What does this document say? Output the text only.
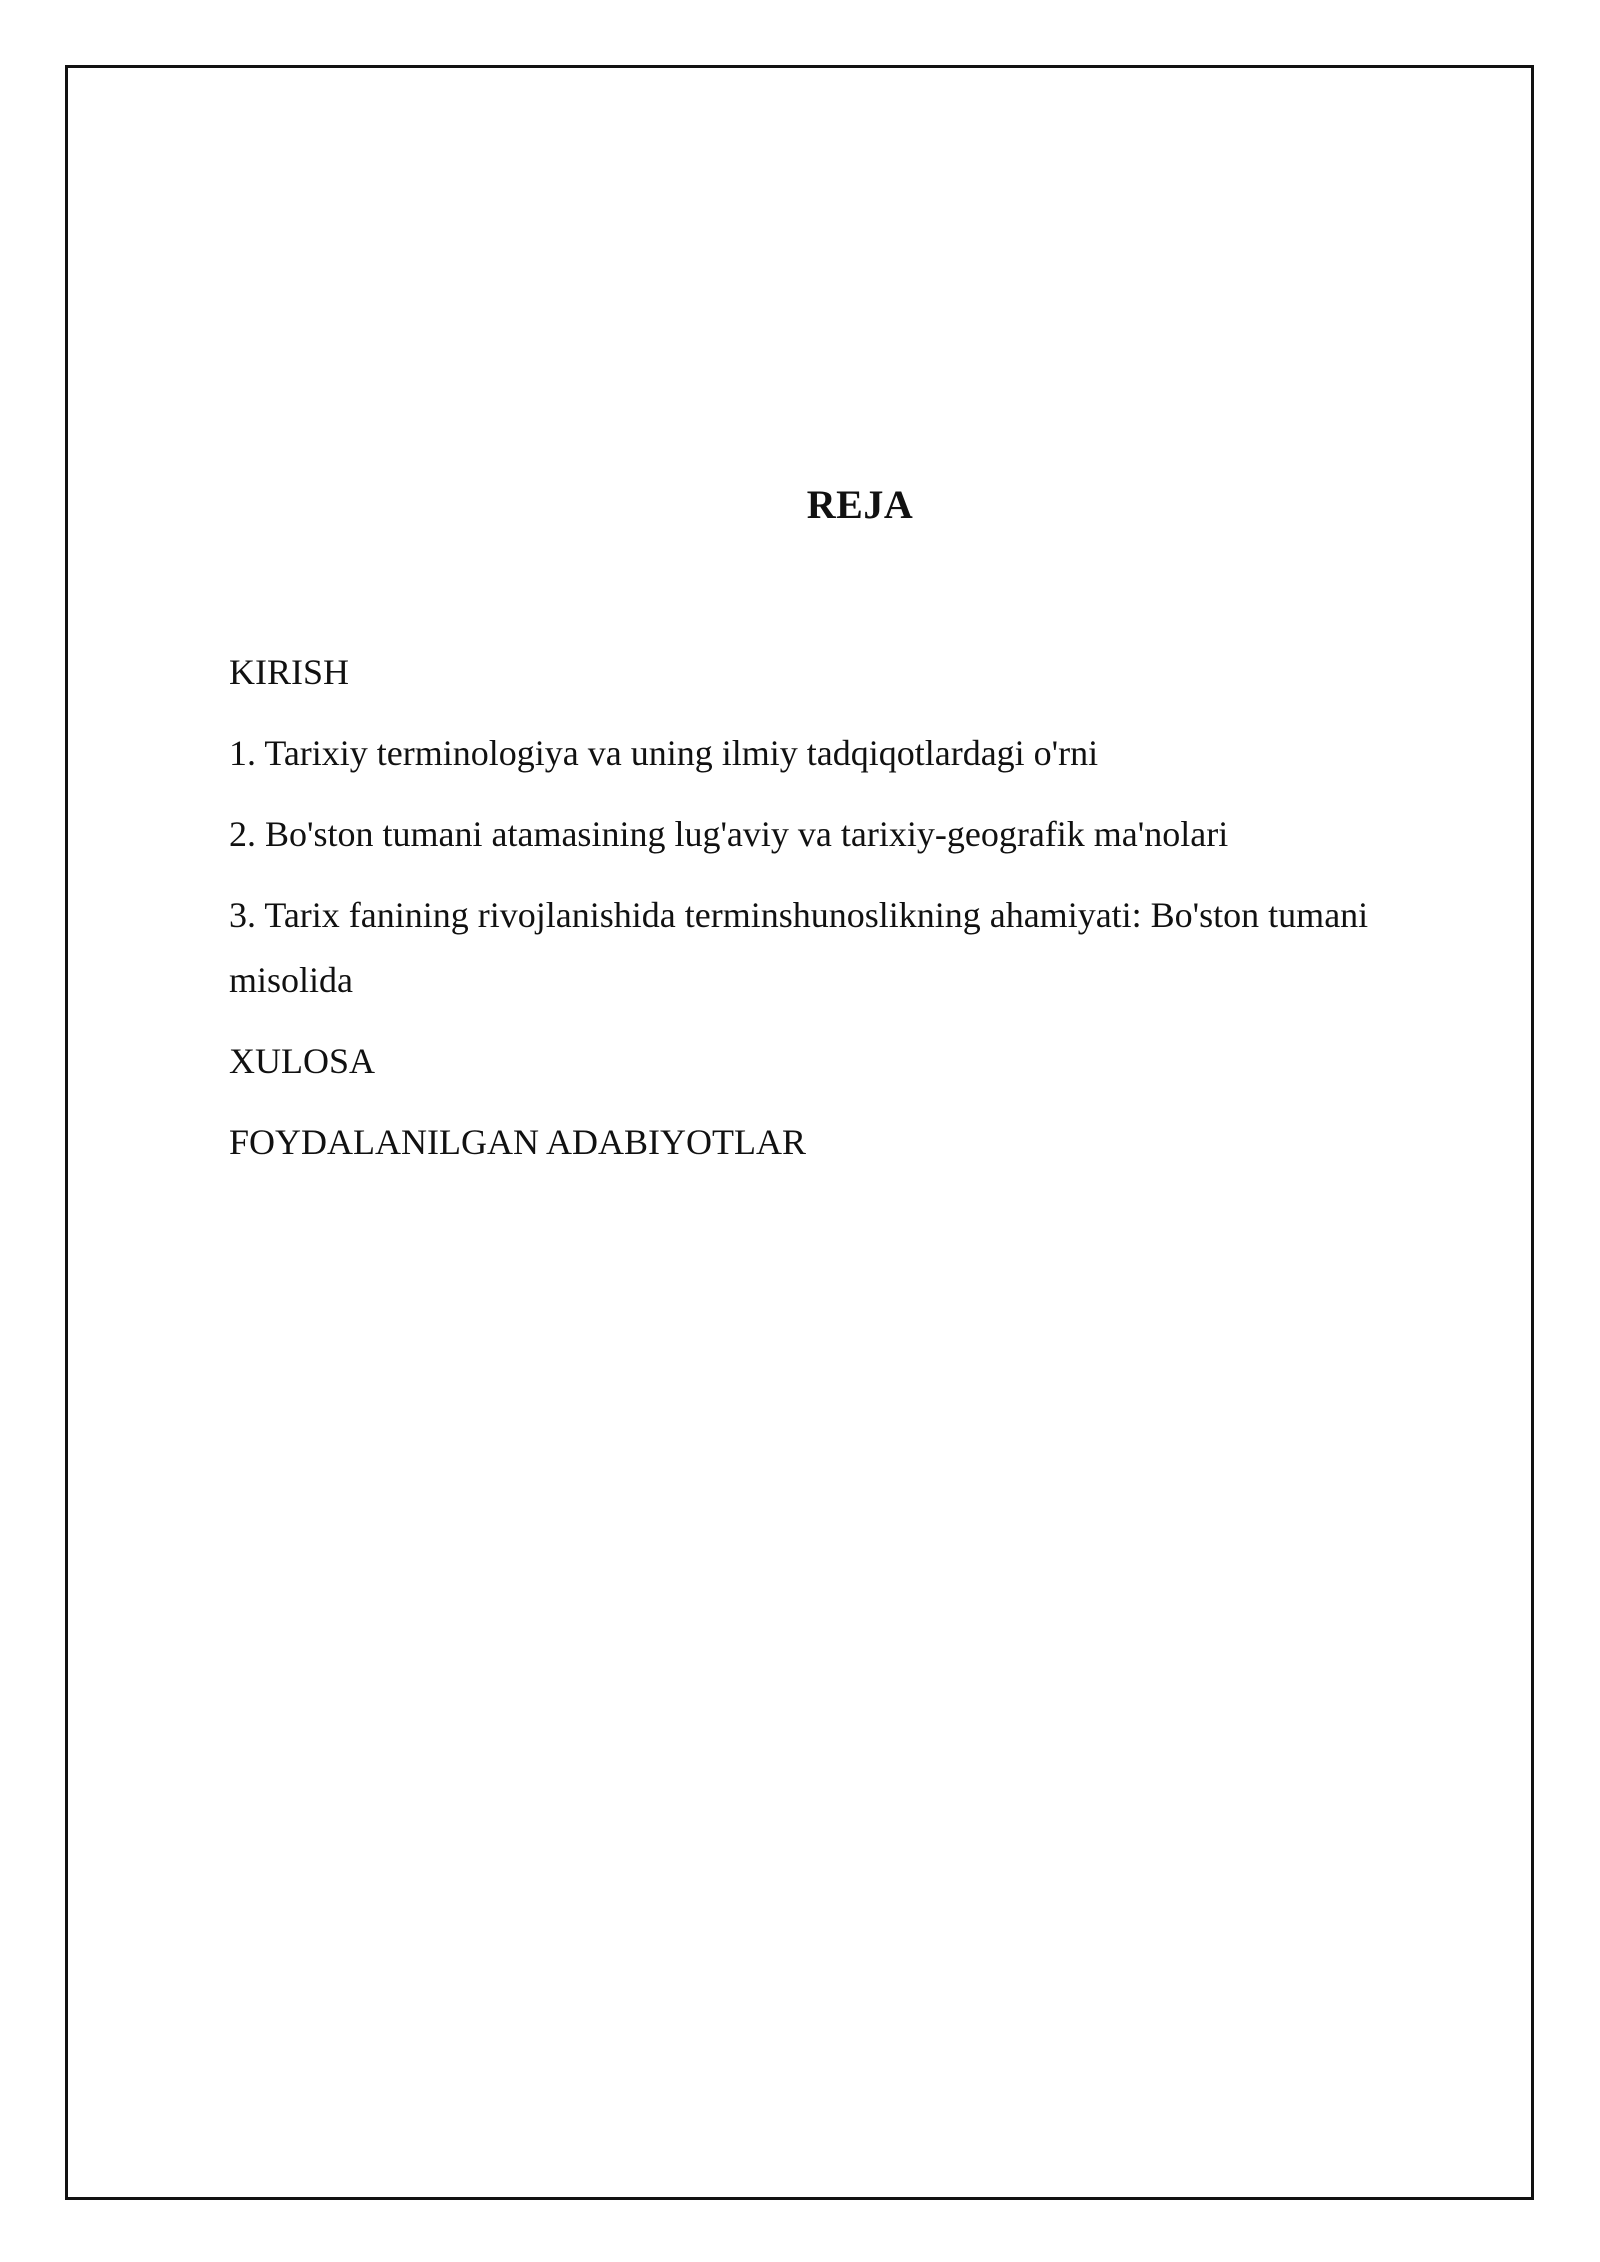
REJA
KIRISH
1. Tarixiy terminologiya va uning ilmiy tadqiqotlardagi o'rni
2. Bo'ston tumani atamasining lug'aviy va tarixiy-geografik ma'nolari
3. Tarix fanining rivojlanishida terminshunoslikning ahamiyati: Bo'ston tumani misolida
XULOSA
FOYDALANILGAN ADABIYOTLAR
